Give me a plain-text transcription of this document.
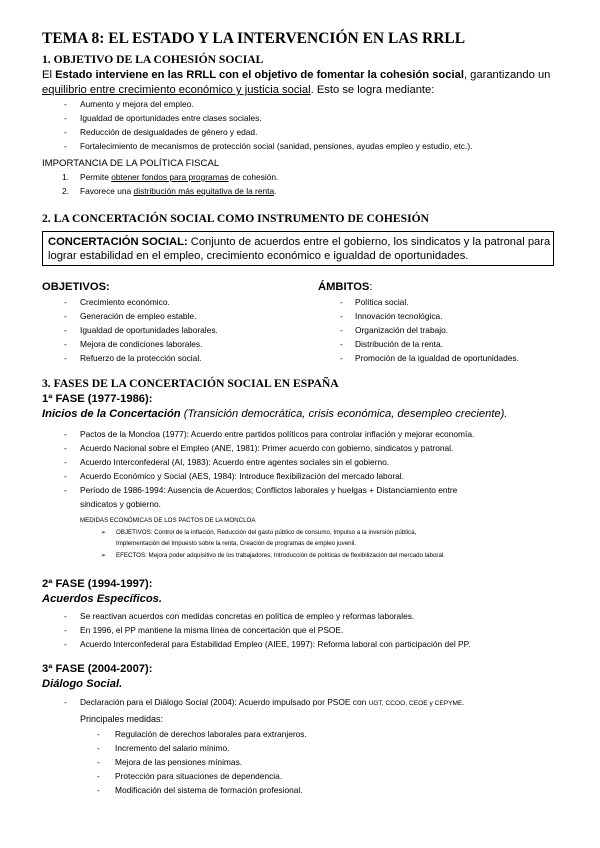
TEMA 8: EL ESTADO Y LA INTERVENCIÓN EN LAS RRLL
1. OBJETIVO DE LA COHESIÓN SOCIAL
El Estado interviene en las RRLL con el objetivo de fomentar la cohesión social, garantizando un
equilibrio entre crecimiento económico y justicia social. Esto se logra mediante:
- Aumento y mejora del empleo.
- Igualdad de oportunidades entre clases sociales.
- Reducción de desigualdades de género y edad.
- Fortalecimiento de mecanismos de protección social (sanidad, pensiones, ayudas empleo y estudio, etc.).
IMPORTANCIA DE LA POLÍTICA FISCAL
1. Permite obtener fondos para programas de cohesión.
2. Favorece una distribución más equitativa de la renta.
2. LA CONCERTACIÓN SOCIAL COMO INSTRUMENTO DE COHESIÓN
CONCERTACIÓN SOCIAL: Conjunto de acuerdos entre el gobierno, los sindicatos y la patronal para
lograr estabilidad en el empleo, crecimiento económico e igualdad de oportunidades.
OBJETIVOS:
- Crecimiento económico.
- Generación de empleo estable.
- Igualdad de oportunidades laborales.
- Mejora de condiciones laborales.
- Refuerzo de la protección social.
ÁMBITOS:
- Política social.
- Innovación tecnológica.
- Organización del trabajo.
- Distribución de la renta.
- Promoción de la igualdad de oportunidades.
3. FASES DE LA CONCERTACIÓN SOCIAL EN ESPAÑA
1ª FASE (1977-1986):
Inicios de la Concertación (Transición democrática, crisis económica, desempleo creciente).
- Pactos de la Moncloa (1977): Acuerdo entre partidos políticos para controlar inflación y mejorar economía.
- Acuerdo Nacional sobre el Empleo (ANE, 1981): Primer acuerdo con gobierno, sindicatos y patronal.
- Acuerdo Interconfederal (AI, 1983): Acuerdo entre agentes sociales sin el gobierno.
- Acuerdo Económico y Social (AES, 1984): Introduce flexibilización del mercado laboral.
- Período de 1986-1994: Ausencia de Acuerdos; Conflictos laborales y huelgas + Distanciamiento entre
sindicatos y gobierno.
MEDIDAS ECONÓMICAS DE LOS PACTOS DE LA MONCLOA
➢ OBJETIVOS: Control de la inflación, Reducción del gasto público de consumo, Impulso a la inversión pública,
Implementación del Impuesto sobre la renta, Creación de programas de empleo juvenil.
➢ EFECTOS: Mejora poder adquisitivo de los trabajadores, Introducción de políticas de flexibilización del mercado laboral.
2ª FASE (1994-1997):
Acuerdos Específicos.
- Se reactivan acuerdos con medidas concretas en política de empleo y reformas laborales.
- En 1996, el PP mantiene la misma línea de concertación que el PSOE.
- Acuerdo Interconfederal para Estabilidad Empleo (AIEE, 1997): Reforma laboral con participación del PP.
3ª FASE (2004-2007):
Diálogo Social.
- Declaración para el Diálogo Social (2004): Acuerdo impulsado por PSOE con UGT, CCOO, CEOE y CEPYME.
Principales medidas:
- Regulación de derechos laborales para extranjeros.
- Incremento del salario mínimo.
- Mejora de las pensiones mínimas.
- Protección para situaciones de dependencia.
- Modificación del sistema de formación profesional.
